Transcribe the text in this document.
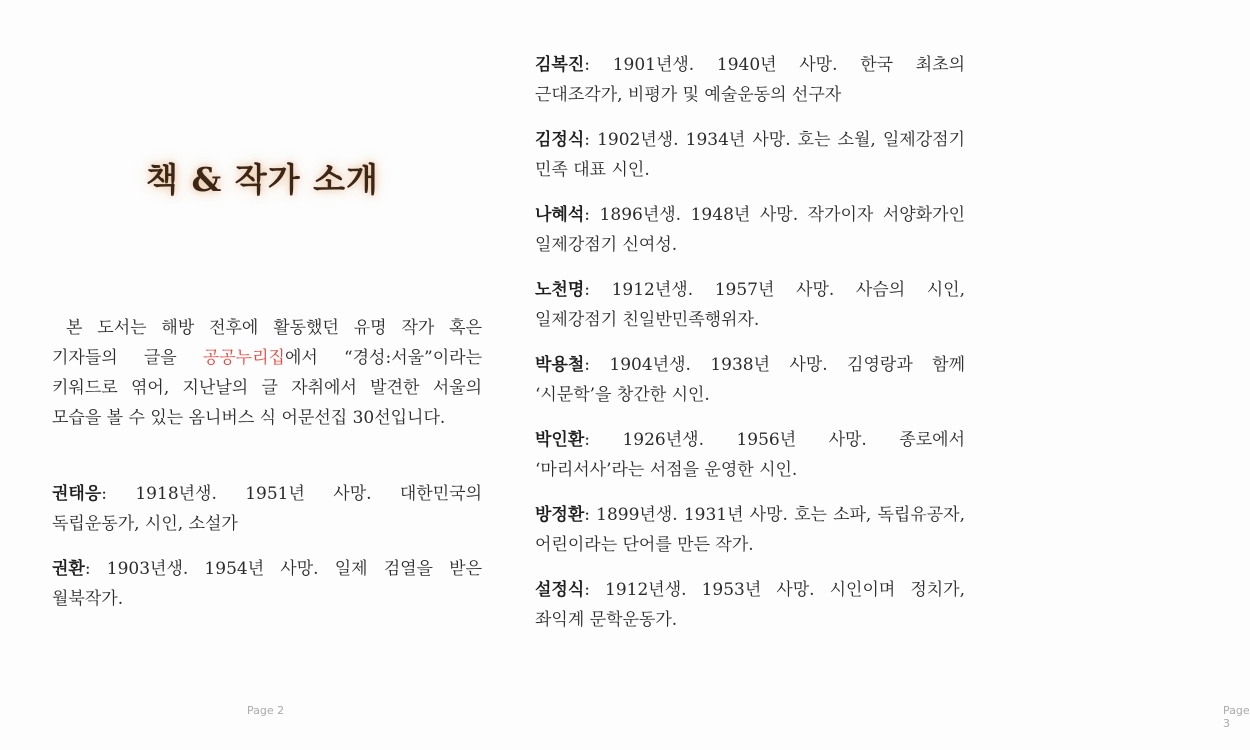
책 & 작가 소개

본 도서는 해방 전후에 활동했던 유명 작가 혹은 기자들의 글을 공공누리집에서 “경성:서울”이라는 키워드로 엮어, 지난날의 글 자취에서 발견한 서울의 모습을 볼 수 있는 옴니버스 식 어문선집 30선입니다.

권태응: 1918년생. 1951년 사망. 대한민국의 독립운동가, 시인, 소설가

권환: 1903년생. 1954년 사망. 일제 검열을 받은 월북작가.

Page 2	Page 3

김복진: 1901년생. 1940년 사망. 한국 최초의 근대조각가, 비평가 및 예술운동의 선구자

김정식: 1902년생. 1934년 사망. 호는 소월, 일제강점기 민족 대표 시인.

나혜석: 1896년생. 1948년 사망. 작가이자 서양화가인 일제강점기 신여성.

노천명: 1912년생. 1957년 사망. 사슴의 시인, 일제강점기 친일반민족행위자.

박용철: 1904년생. 1938년 사망. 김영랑과 함께 ‘시문학’을 창간한 시인.

박인환: 1926년생. 1956년 사망. 종로에서 ‘마리서사’라는 서점을 운영한 시인.

방정환: 1899년생. 1931년 사망. 호는 소파, 독립유공자, 어린이라는 단어를 만든 작가.

설정식: 1912년생. 1953년 사망. 시인이며 정치가, 좌익계 문학운동가.
